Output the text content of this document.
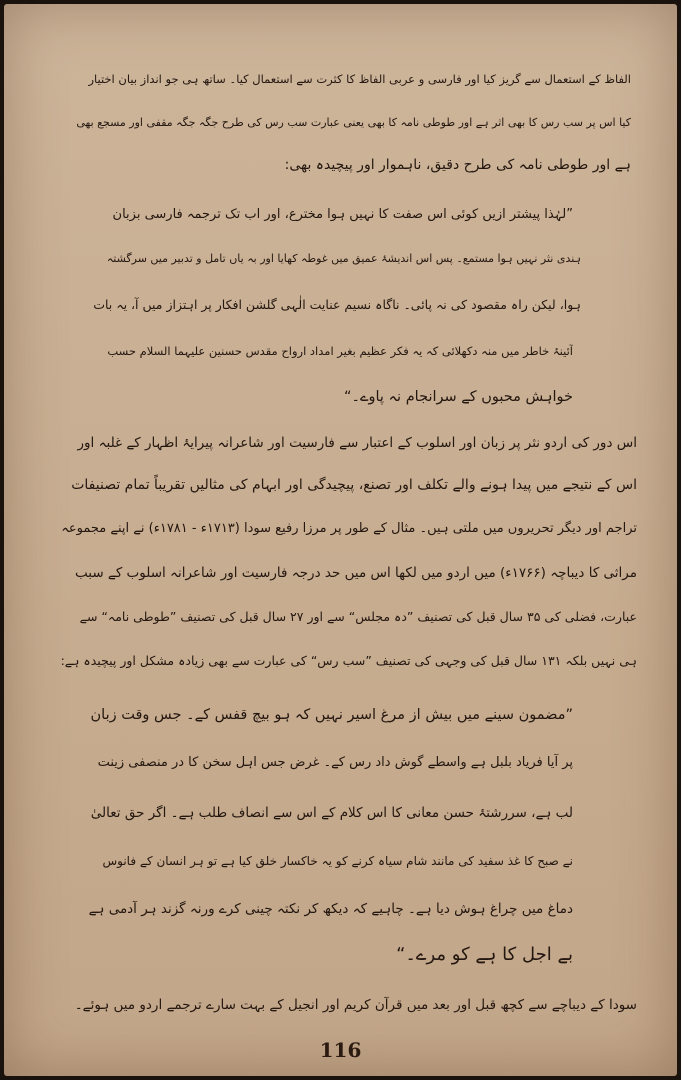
الفاظ کے استعمال سے گریز کیا اور فارسی و عربی الفاظ کا کثرت سے استعمال کیا۔ ساتھ ہی جو انداز بیان اختیار
کیا اس پر سب رس کا بھی اثر ہے اور طوطی نامہ کا بھی یعنی عبارت سب رس کی طرح جگہ جگہ مقفی اور مسجع بھی
ہے اور طوطی نامہ کی طرح دقیق، ناہموار اور پیچیدہ بھی:
”لہٰذا پیشتر ازیں کوئی اس صفت کا نہیں ہوا مخترع، اور اب تک ترجمہ فارسی بزبان
ہندی نثر نہیں ہوا مستمع۔ پس اس اندیشۂ عمیق میں غوطہ کھایا اور بہ یاں تامل و تدبیر میں سرگشتہ
ہوا، لیکن راہ مقصود کی نہ پائی۔ ناگاہ نسیم عنایت الٰہی گلشن افکار پر اہتزاز میں آ، یہ بات
آئینۂ خاطر میں منہ دکھلائی کہ یہ فکر عظیم بغیر امداد ارواح مقدس حسنین علیہما السلام حسب
خواہش محبوں کے سرانجام نہ پاوے۔“
اس دور کی اردو نثر پر زبان اور اسلوب کے اعتبار سے فارسیت اور شاعرانہ پیرایۂ اظہار کے غلبہ اور
اس کے نتیجے میں پیدا ہونے والے تکلف اور تصنع، پیچیدگی اور ابہام کی مثالیں تقریباً تمام تصنیفات
تراجم اور دیگر تحریروں میں ملتی ہیں۔ مثال کے طور پر مرزا رفیع سودا (۱۷۱۳ء - ۱۷۸۱ء) نے اپنے مجموعہ
مراثی کا دیباچہ (۱۷۶۶ء) میں اردو میں لکھا اس میں حد درجہ فارسیت اور شاعرانہ اسلوب کے سبب
عبارت، فضلی کی ۳۵ سال قبل کی تصنیف ”دہ مجلس“ سے اور ۲۷ سال قبل کی تصنیف ”طوطی نامہ“ سے
ہی نہیں بلکہ ۱۳۱ سال قبل کی وجہی کی تصنیف ”سب رس“ کی عبارت سے بھی زیادہ مشکل اور پیچیدہ ہے:
”مضمون سینے میں بیش از مرغ اسیر نہیں کہ ہو بیچ قفس کے۔ جس وقت زبان
پر آیا فریاد بلبل ہے واسطے گوش داد رس کے۔ غرض جس اہل سخن کا در منصفی زینت
لب ہے، سررشتۂ حسن معانی کا اس کلام کے اس سے انصاف طلب ہے۔ اگر حق تعالیٰ
نے صبح کا غذ سفید کی مانند شام سیاہ کرنے کو یہ خاکسار خلق کیا ہے تو ہر انسان کے فانوس
دماغ میں چراغ ہوش دیا ہے۔ چاہیے کہ دیکھ کر نکتہ چینی کرے ورنہ گزند ہر آدمی ہے
بے اجل کا ہے کو مرے۔“
سودا کے دیباچے سے کچھ قبل اور بعد میں قرآن کریم اور انجیل کے بہت سارے ترجمے اردو میں ہوئے۔
116
